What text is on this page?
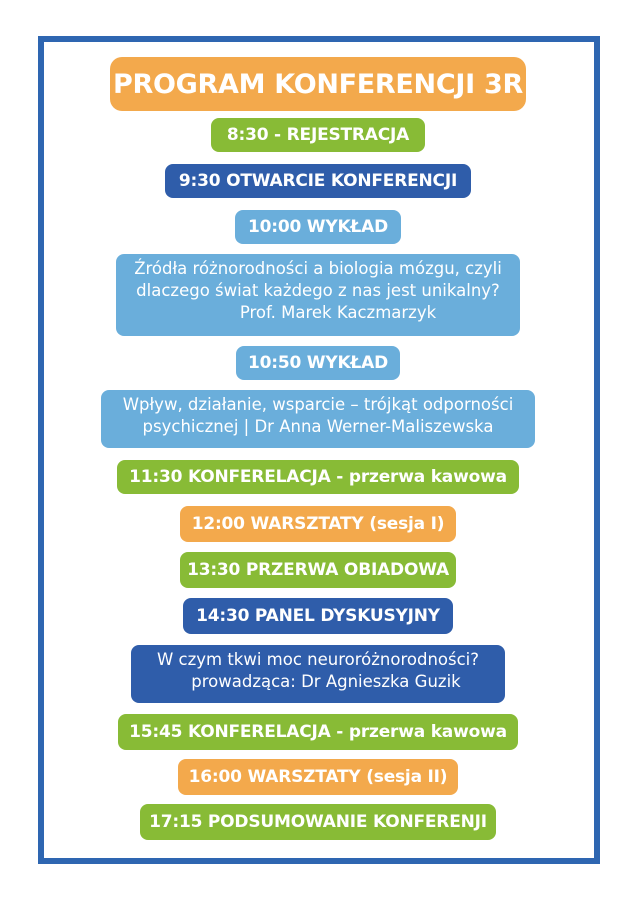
PROGRAM KONFERENCJI 3R
8:30 - REJESTRACJA
9:30 OTWARCIE KONFERENCJI
10:00 WYKŁAD
Źródła różnorodności a biologia mózgu, czyli
dlaczego świat każdego z nas jest unikalny?
Prof. Marek Kaczmarzyk
10:50 WYKŁAD
Wpływ, działanie, wsparcie – trójkąt odporności
psychicznej | Dr Anna Werner-Maliszewska
11:30 KONFERELACJA - przerwa kawowa
12:00 WARSZTATY (sesja I)
13:30 PRZERWA OBIADOWA
14:30 PANEL DYSKUSYJNY
W czym tkwi moc neuroróżnorodności?
prowadząca: Dr Agnieszka Guzik
15:45 KONFERELACJA - przerwa kawowa
16:00 WARSZTATY (sesja II)
17:15 PODSUMOWANIE KONFERENJI
